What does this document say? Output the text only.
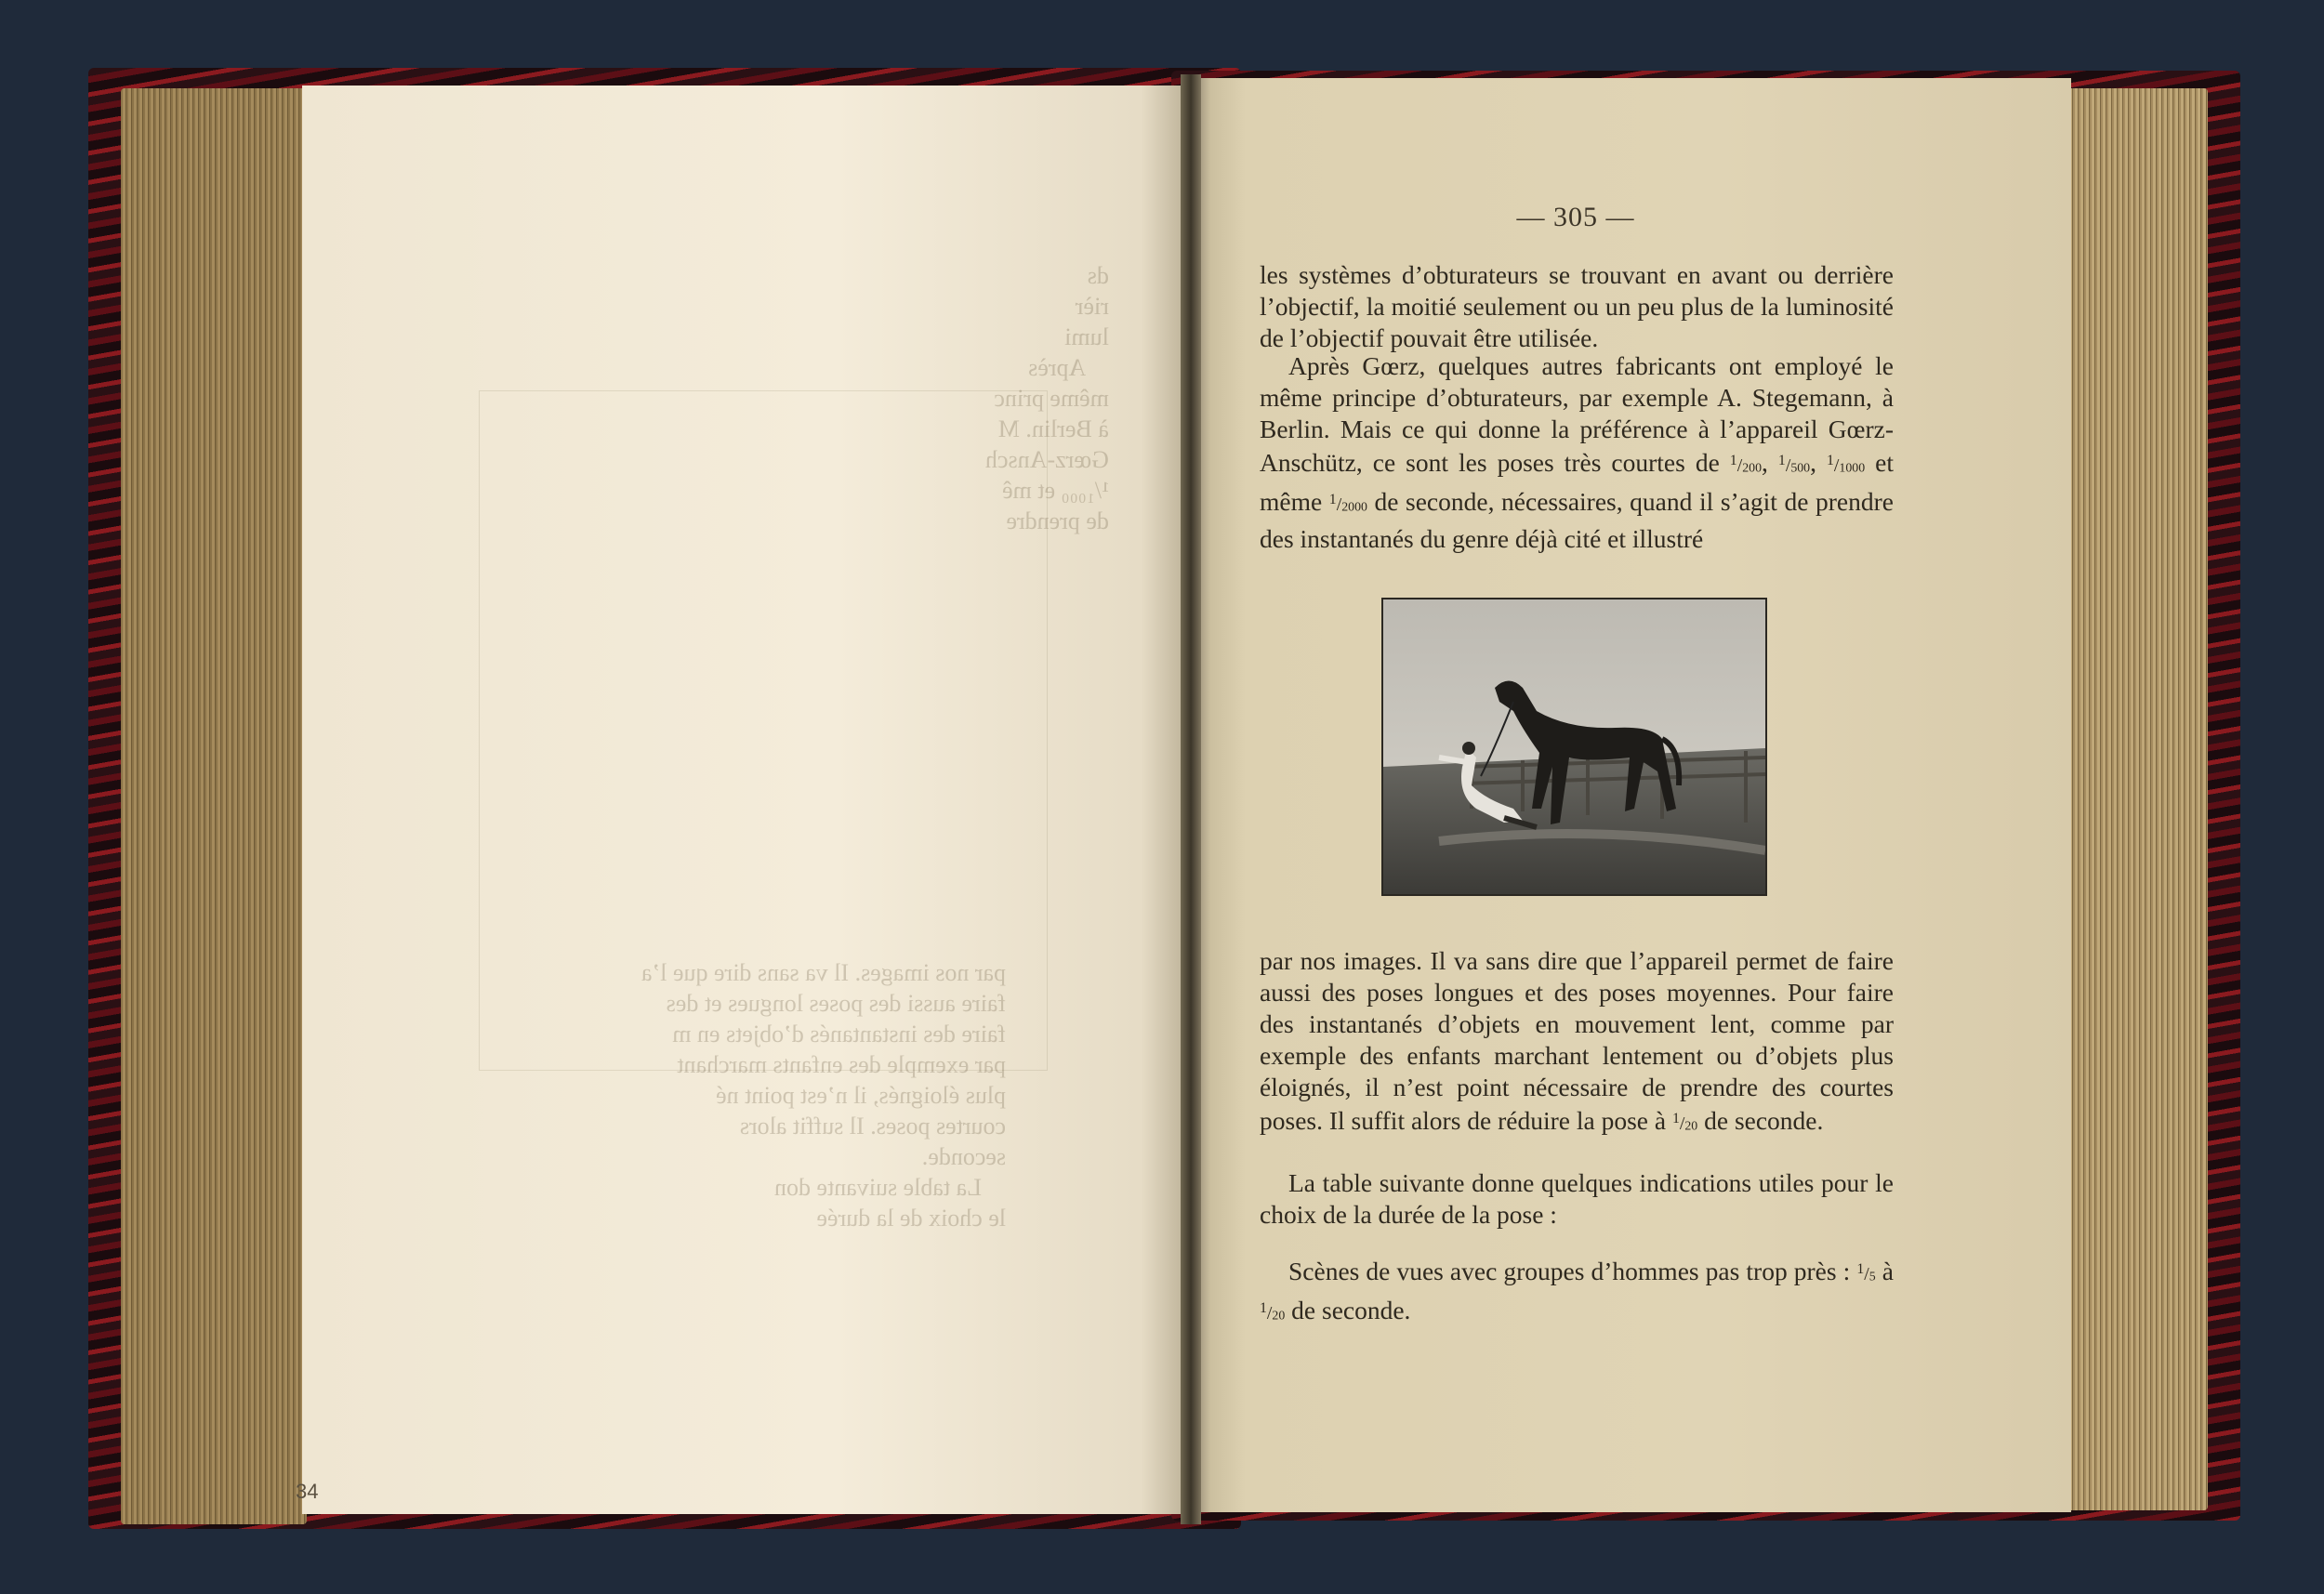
ds
rièr
lumi
Après
même princ
à Berlin. M
Gœrz-Ansch
¹/₁₀₀₀ et mê
de prendre
par nos images. Il va sans dire que l’a
faire aussi des poses longues et des
faire des instantanés d’objets en m
par exemple des enfants marchant
plus éloignés, il n’est point né
courtes poses. Il suffit alors
seconde.
La table suivante don
le choix de la durée
34
— 305 —

les systèmes d’obturateurs se trouvant en avant ou derrière l’objectif, la moitié seulement ou un peu plus de la luminosité de l’objectif pouvait être utilisée.

Après Gœrz, quelques autres fabricants ont employé le même principe d’obturateurs, par exemple A. Stegemann, à Berlin. Mais ce qui donne la préférence à l’appareil Gœrz-Anschütz, ce sont les poses très courtes de $^1/_{200}$, $^1/_{500}$, $^1/_{1000}$ et même $^1/_{2000}$ de seconde, nécessaires, quand il s’agit de prendre des instantanés du genre déjà cité et illustré

par nos images. Il va sans dire que l’appareil permet de faire aussi des poses longues et des poses moyennes. Pour faire des instantanés d’objets en mouvement lent, comme par exemple des enfants marchant lentement ou d’objets plus éloignés, il n’est point nécessaire de prendre des courtes poses. Il suffit alors de réduire la pose à $^1/_{20}$ de seconde.

La table suivante donne quelques indications utiles pour le choix de la durée de la pose :

Scènes de vues avec groupes d’hommes pas trop près : $^1/_5$ à $^1/_{20}$ de seconde.
